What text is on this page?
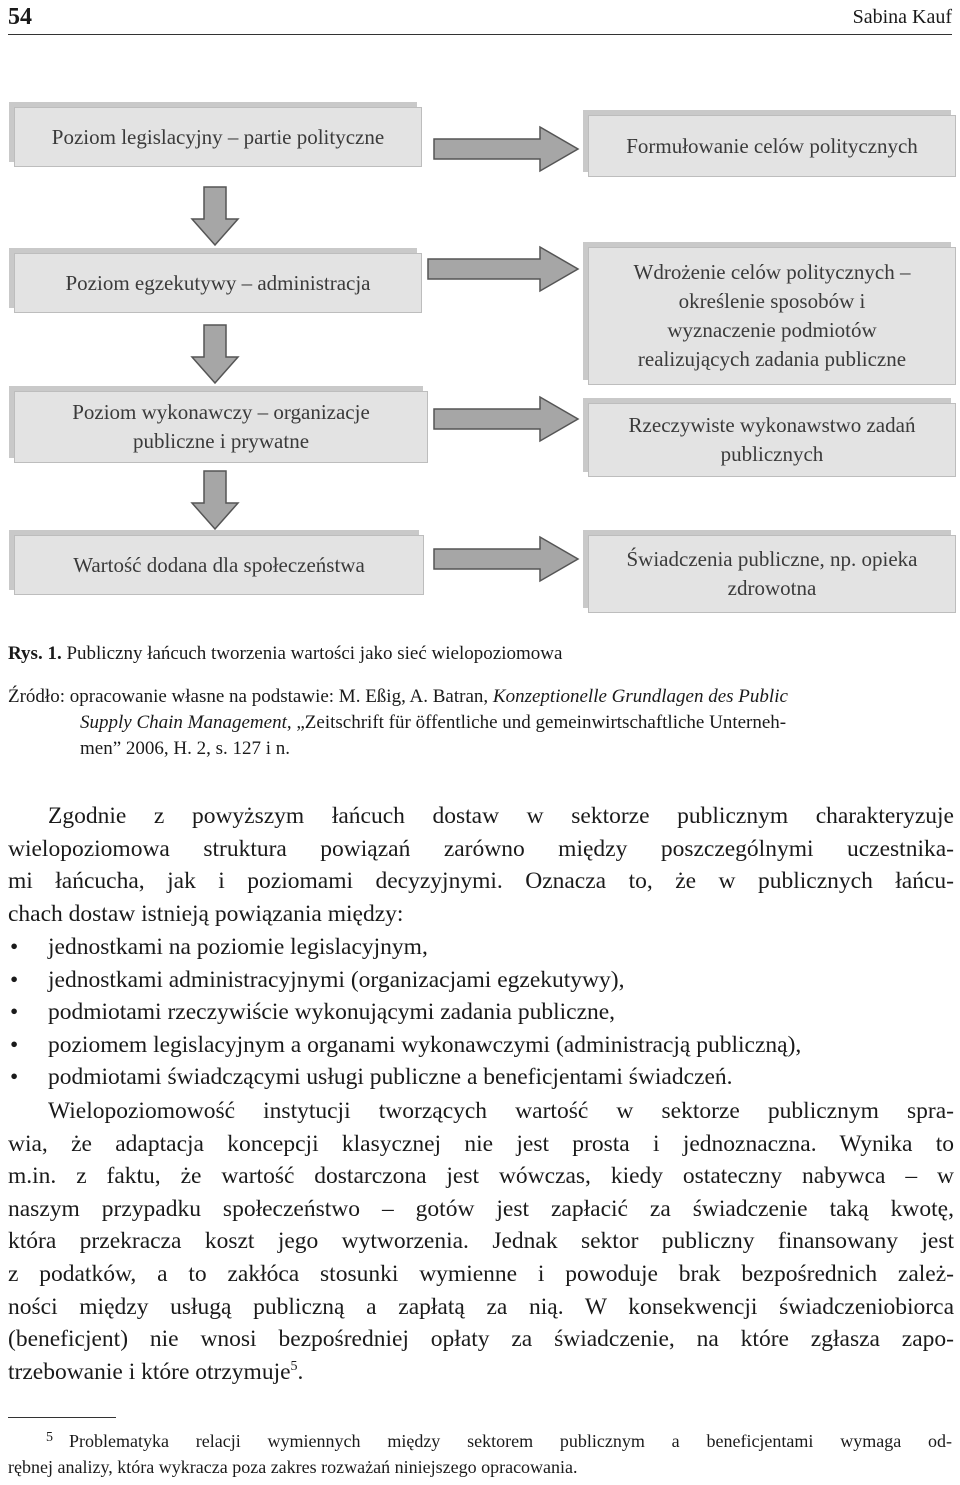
54	Sabina Kauf
Poziom legislacyjny – partie polityczne
Poziom egzekutywy – administracja
Poziom wykonawczy – organizacje
publiczne i prywatne
Wartość dodana dla społeczeństwa
Formułowanie celów politycznych
Wdrożenie celów politycznych –
określenie sposobów i
wyznaczenie podmiotów
realizujących zadania publiczne
Rzeczywiste wykonawstwo zadań
publicznych
Świadczenia publiczne, np. opieka
zdrowotna
Rys. 1. Publiczny łańcuch tworzenia wartości jako sieć wielopoziomowa
Źródło: opracowanie własne na podstawie: M. Eßig, A. Batran, Konzeptionelle Grundlagen des Public
Supply Chain Management, „Zeitschrift für öffentliche und gemeinwirtschaftliche Unterneh-
men” 2006, H. 2, s. 127 i n.
Zgodnie z powyższym łańcuch dostaw w sektorze publicznym charakteryzuje
wielopoziomowa struktura powiązań zarówno między poszczególnymi uczestnika-
mi łańcucha, jak i poziomami decyzyjnymi. Oznacza to, że w publicznych łańcu-
chach dostaw istnieją powiązania między:
• jednostkami na poziomie legislacyjnym,
• jednostkami administracyjnymi (organizacjami egzekutywy),
• podmiotami rzeczywiście wykonującymi zadania publiczne,
• poziomem legislacyjnym a organami wykonawczymi (administracją publiczną),
• podmiotami świadczącymi usługi publiczne a beneficjentami świadczeń.
Wielopoziomowość instytucji tworzących wartość w sektorze publicznym spra-
wia, że adaptacja koncepcji klasycznej nie jest prosta i jednoznaczna. Wynika to
m.in. z faktu, że wartość dostarczona jest wówczas, kiedy ostateczny nabywca – w
naszym przypadku społeczeństwo – gotów jest zapłacić za świadczenie taką kwotę,
która przekracza koszt jego wytworzenia. Jednak sektor publiczny finansowany jest
z podatków, a to zakłóca stosunki wymienne i powoduje brak bezpośrednich zależ-
ności między usługą publiczną a zapłatą za nią. W konsekwencji świadczeniobiorca
(beneficjent) nie wnosi bezpośredniej opłaty za świadczenie, na które zgłasza zapo-
trzebowanie i które otrzymuje$^5$.
5 Problematyka relacji wymiennych między sektorem publicznym a beneficjentami wymaga od-
rębnej analizy, która wykracza poza zakres rozważań niniejszego opracowania.
